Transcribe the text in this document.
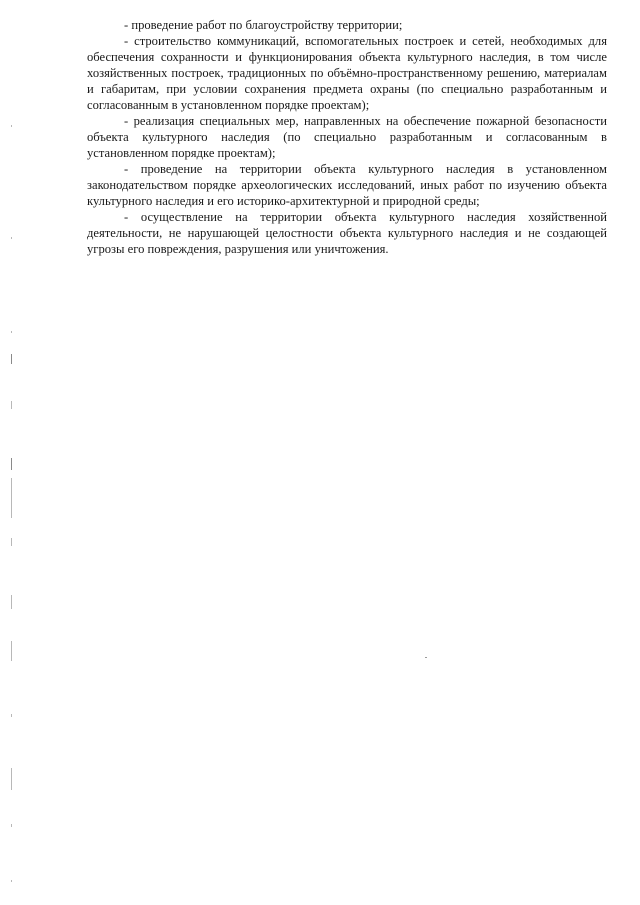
- проведение работ по благоустройству территории;

- строительство коммуникаций, вспомогательных построек и сетей, необходимых для обеспечения сохранности и функционирования объекта культурного наследия, в том числе хозяйственных построек, традиционных по объёмно-пространственному решению, материалам и габаритам, при условии сохранения предмета охраны (по специально разработанным и согласованным в установленном порядке проектам);

- реализация специальных мер, направленных на обеспечение пожарной безопасности объекта культурного наследия (по специально разработанным и согласованным в установленном порядке проектам);

- проведение на территории объекта культурного наследия в установленном законодательством порядке археологических исследований, иных работ по изучению объекта культурного наследия и его историко-архитектурной и природной среды;

- осуществление на территории объекта культурного наследия хозяйственной деятельности, не нарушающей целостности объекта культурного наследия и не создающей угрозы его повреждения, разрушения или уничтожения.
